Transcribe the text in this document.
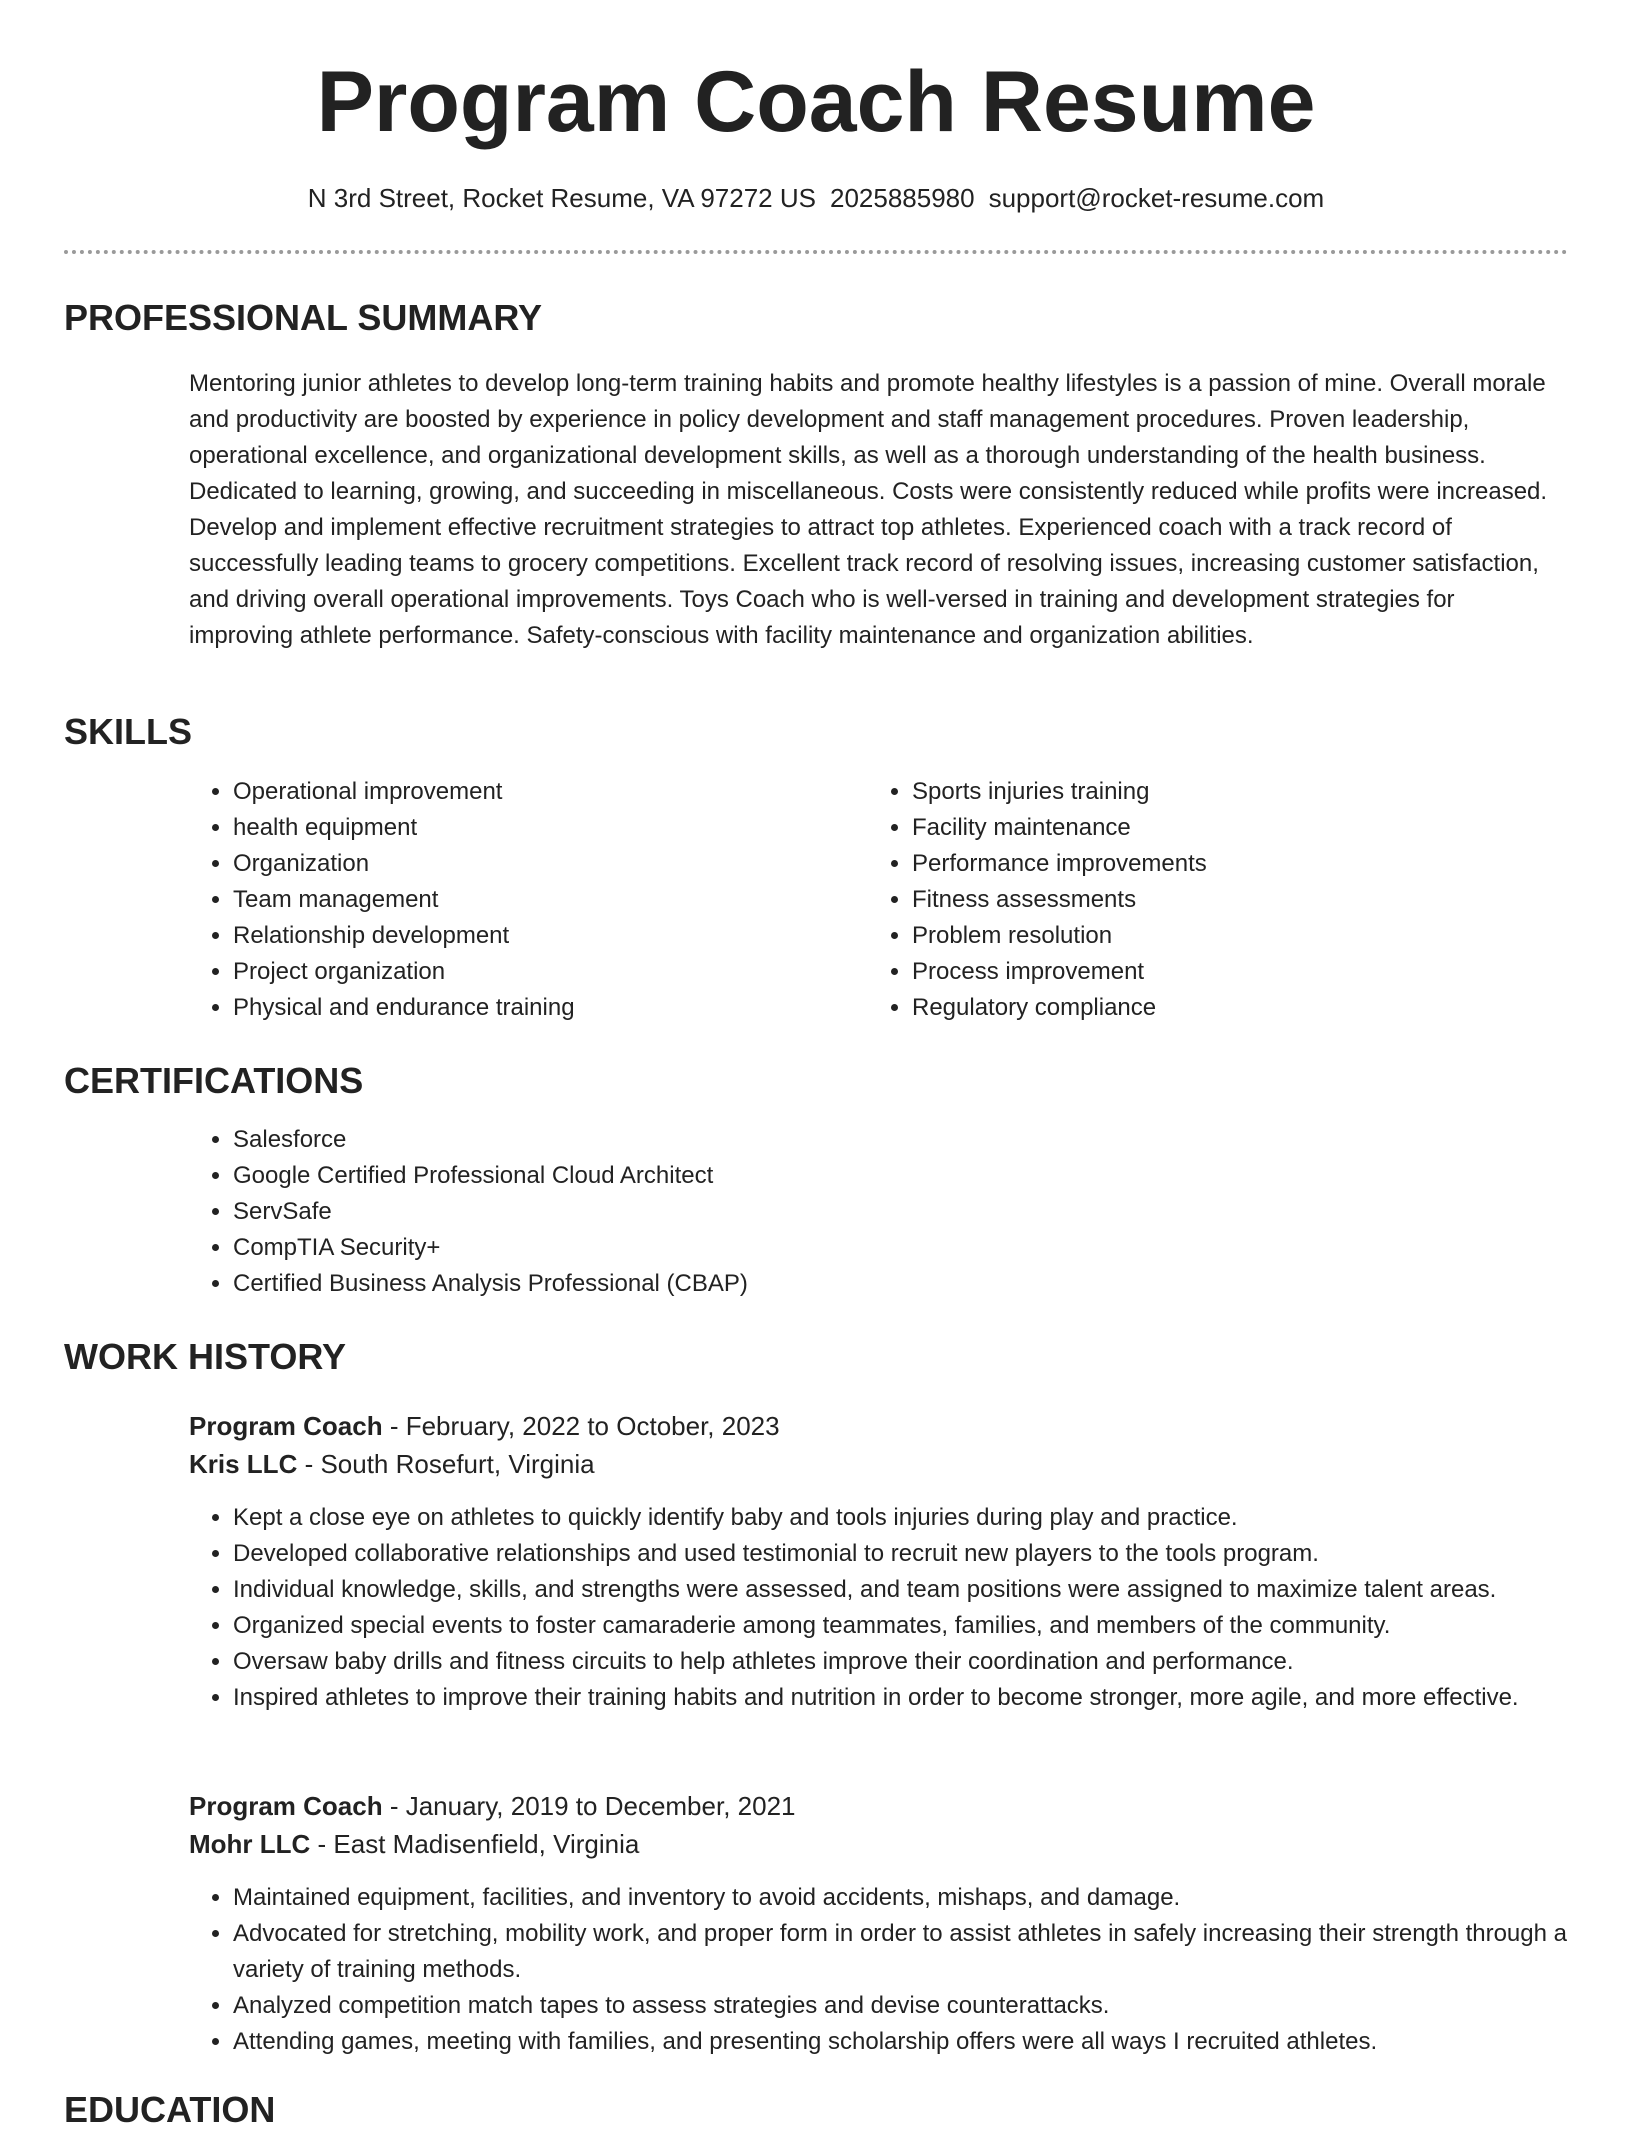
Program Coach Resume
N 3rd Street, Rocket Resume, VA 97272 US 2025885980 support@rocket-resume.com
PROFESSIONAL SUMMARY

Mentoring junior athletes to develop long-term training habits and promote healthy lifestyles is a passion of mine. Overall morale and productivity are boosted by experience in policy development and staff management procedures. Proven leadership, operational excellence, and organizational development skills, as well as a thorough understanding of the health business. Dedicated to learning, growing, and succeeding in miscellaneous. Costs were consistently reduced while profits were increased. Develop and implement effective recruitment strategies to attract top athletes. Experienced coach with a track record of successfully leading teams to grocery competitions. Excellent track record of resolving issues, increasing customer satisfaction, and driving overall operational improvements. Toys Coach who is well-versed in training and development strategies for improving athlete performance. Safety-conscious with facility maintenance and organization abilities.

SKILLS
• Operational improvement
• health equipment
• Organization
• Team management
• Relationship development
• Project organization
• Physical and endurance training
• Sports injuries training
• Facility maintenance
• Performance improvements
• Fitness assessments
• Problem resolution
• Process improvement
• Regulatory compliance
CERTIFICATIONS
• Salesforce
• Google Certified Professional Cloud Architect
• ServSafe
• CompTIA Security+
• Certified Business Analysis Professional (CBAP)
WORK HISTORY
Program Coach - February, 2022 to October, 2023
Kris LLC - South Rosefurt, Virginia
• Kept a close eye on athletes to quickly identify baby and tools injuries during play and practice.
• Developed collaborative relationships and used testimonial to recruit new players to the tools program.
• Individual knowledge, skills, and strengths were assessed, and team positions were assigned to maximize talent areas.
• Organized special events to foster camaraderie among teammates, families, and members of the community.
• Oversaw baby drills and fitness circuits to help athletes improve their coordination and performance.
• Inspired athletes to improve their training habits and nutrition in order to become stronger, more agile, and more effective.
Program Coach - January, 2019 to December, 2021
Mohr LLC - East Madisenfield, Virginia
• Maintained equipment, facilities, and inventory to avoid accidents, mishaps, and damage.
• Advocated for stretching, mobility work, and proper form in order to assist athletes in safely increasing their strength through a variety of training methods.
• Analyzed competition match tapes to assess strategies and devise counterattacks.
• Attending games, meeting with families, and presenting scholarship offers were all ways I recruited athletes.
EDUCATION
